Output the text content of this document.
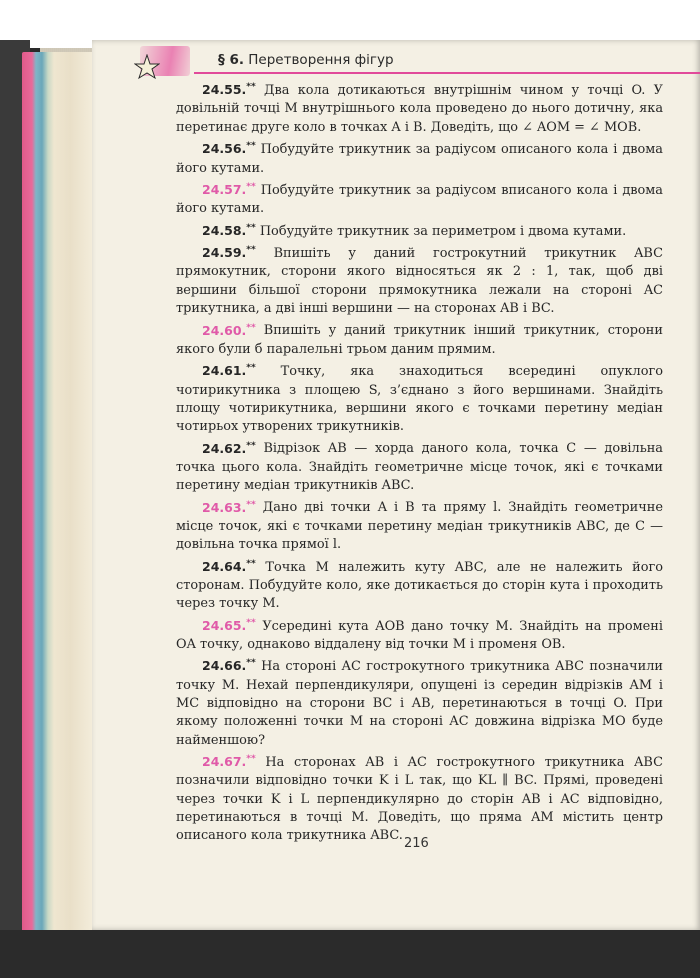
§ 6. Перетворення фігур

24.55.** Два кола дотикаються внутрішнім чином у точці O. У довільній точці M внутрішнього кола проведено до нього дотичну, яка перетинає друге коло в точках A і B. Доведіть, що ∠ AOM = ∠ MOB.

24.56.** Побудуйте трикутник за радіусом описаного кола і двома його кутами.

24.57.** Побудуйте трикутник за радіусом вписаного кола і двома його кутами.

24.58.** Побудуйте трикутник за периметром і двома кутами.

24.59.** Впишіть у даний гострокутний трикутник ABC прямокутник, сторони якого відносяться як 2 : 1, так, щоб дві вершини більшої сторони прямокутника лежали на стороні AC трикутника, а дві інші вершини — на сторонах AB і BC.

24.60.** Впишіть у даний трикутник інший трикутник, сторони якого були б паралельні трьом даним прямим.

24.61.** Точку, яка знаходиться всередині опуклого чотирикутника з площею S, з’єднано з його вершинами. Знайдіть площу чотирикутника, вершини якого є точками перетину медіан чотирьох утворених трикутників.

24.62.** Відрізок AB — хорда даного кола, точка C — довільна точка цього кола. Знайдіть геометричне місце точок, які є точками перетину медіан трикутників ABC.

24.63.** Дано дві точки A і B та пряму l. Знайдіть геометричне місце точок, які є точками перетину медіан трикутників ABC, де C — довільна точка прямої l.

24.64.** Точка M належить куту ABC, але не належить його сторонам. Побудуйте коло, яке дотикається до сторін кута і проходить через точку M.

24.65.** Усередині кута AOB дано точку M. Знайдіть на промені OA точку, однаково віддалену від точки M і променя OB.

24.66.** На стороні AC гострокутного трикутника ABC позначили точку M. Нехай перпендикуляри, опущені із середин відрізків AM і MC відповідно на сторони BC і AB, перетинаються в точці O. При якому положенні точки M на стороні AC довжина відрізка MO буде найменшою?

24.67.** На сторонах AB і AC гострокутного трикутника ABC позначили відповідно точки K і L так, що KL ∥ BC. Прямі, проведені через точки K і L перпендикулярно до сторін AB і AC відповідно, перетинаються в точці M. Доведіть, що пряма AM містить центр описаного кола трикутника ABC.

216
